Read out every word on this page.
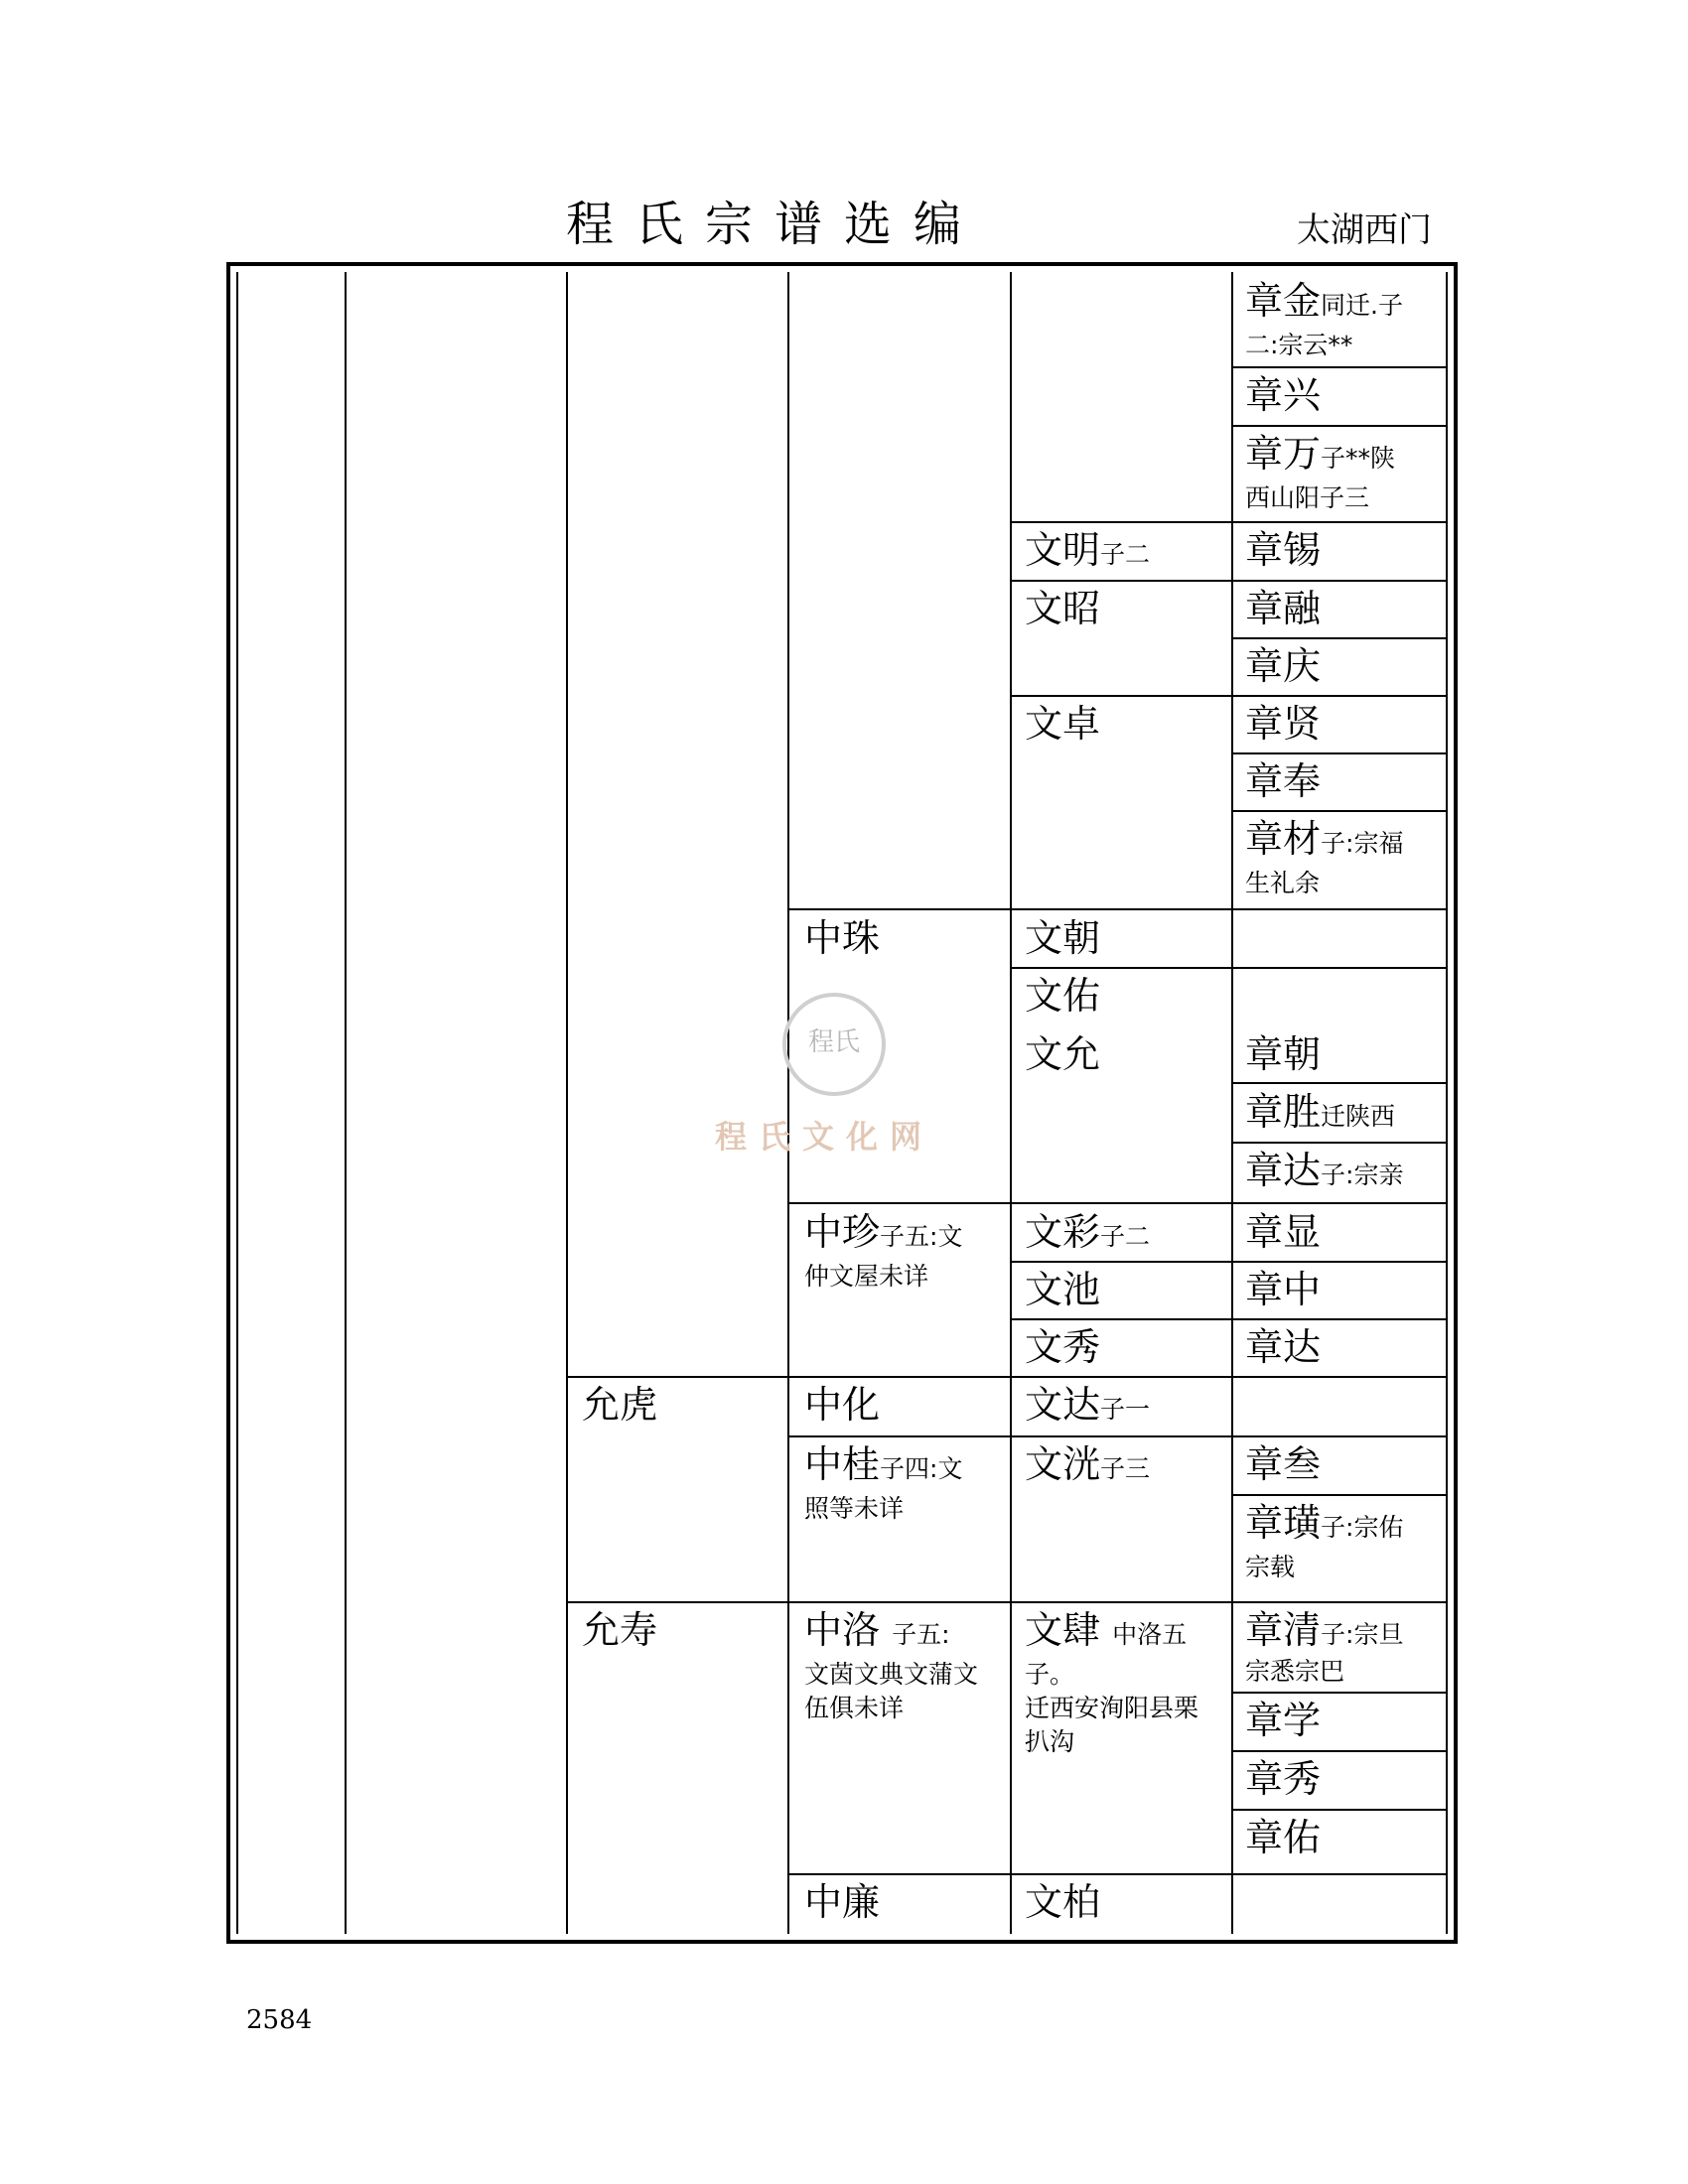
程氏宗谱选编	太湖西门
程氏
程氏文化网
允虎
允寿
中珠
中珍子五:文
仲文屋未详
中化
中桂子四:文
照等未详
中洛 子五:
文茵文典文蒲文伍俱未详
中廉
文明子二
文昭
文卓
文朝
文佑
文允
文彩子二
文池
文秀
文达子一
文洸子三
文肆 中洛五
子。
迁西安洵阳县栗扒沟
文柏
章金同迁.子
二:宗云**
章兴
章万子**陕
西山阳子三
章锡
章融
章庆
章贤
章奉
章材子:宗福
生礼余
章朝
章胜迁陕西
章达子:宗亲
章显
章中
章达
章叁
章璜子:宗佑
宗载
章清子:宗旦
宗悉宗巴
章学
章秀
章佑
2584
